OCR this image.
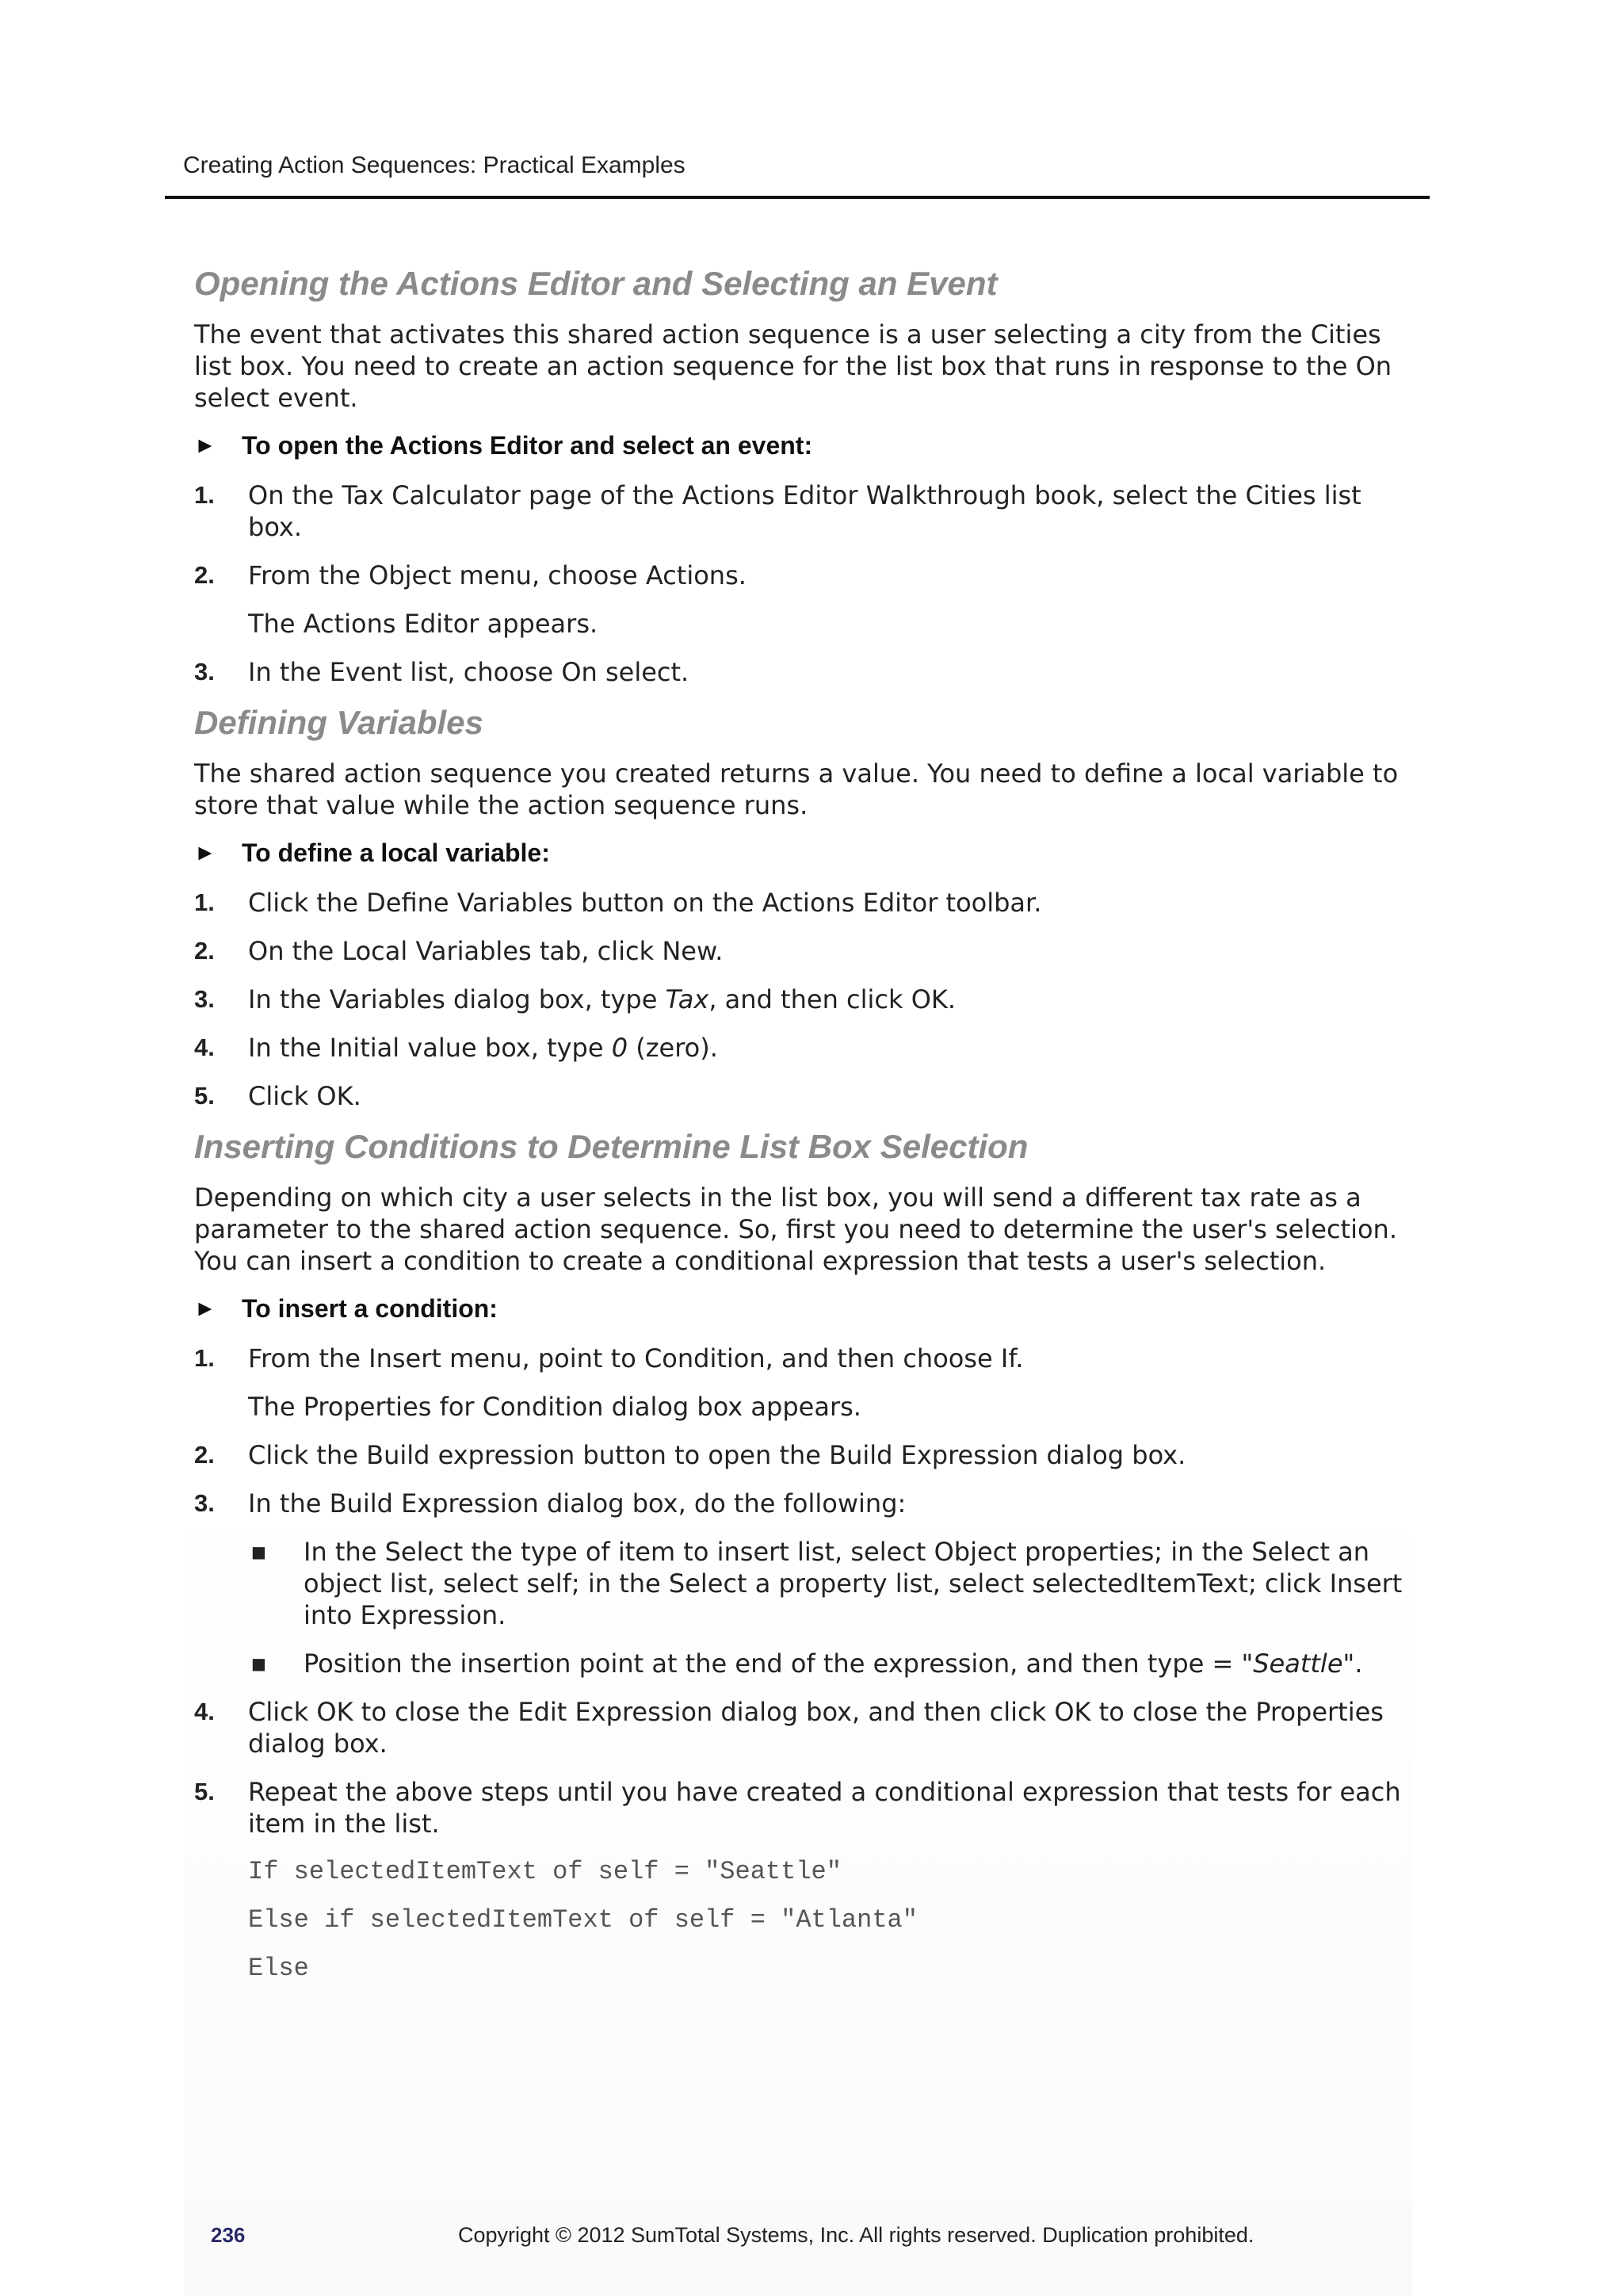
Creating Action Sequences: Practical Examples
Opening the Actions Editor and Selecting an Event

The event that activates this shared action sequence is a user selecting a city from the Cities list box. You need to create an action sequence for the list box that runs in response to the On select event.

►	To open the Actions Editor and select an event:
1.	On the Tax Calculator page of the Actions Editor Walkthrough book, select the Cities list box.
2.	From the Object menu, choose Actions.
The Actions Editor appears.
3.	In the Event list, choose On select.
Defining Variables

The shared action sequence you created returns a value. You need to define a local variable to store that value while the action sequence runs.

►	To define a local variable:
1.	Click the Define Variables button on the Actions Editor toolbar.
2.	On the Local Variables tab, click New.
3.	In the Variables dialog box, type Tax, and then click OK.
4.	In the Initial value box, type 0 (zero).
5.	Click OK.
Inserting Conditions to Determine List Box Selection

Depending on which city a user selects in the list box, you will send a different tax rate as a parameter to the shared action sequence. So, first you need to determine the user's selection. You can insert a condition to create a conditional expression that tests a user's selection.

►	To insert a condition:
1.	From the Insert menu, point to Condition, and then choose If.
The Properties for Condition dialog box appears.
2.	Click the Build expression button to open the Build Expression dialog box.
3.	In the Build Expression dialog box, do the following:
■	In the Select the type of item to insert list, select Object properties; in the Select an object list, select self; in the Select a property list, select selectedItemText; click Insert into Expression.
■	Position the insertion point at the end of the expression, and then type = "Seattle".
4.	Click OK to close the Edit Expression dialog box, and then click OK to close the Properties dialog box.
5.	Repeat the above steps until you have created a conditional expression that tests for each item in the list.
If selectedItemText of self = "Seattle"
Else if selectedItemText of self = "Atlanta"
Else
236	Copyright © 2012 SumTotal Systems, Inc. All rights reserved. Duplication prohibited.
